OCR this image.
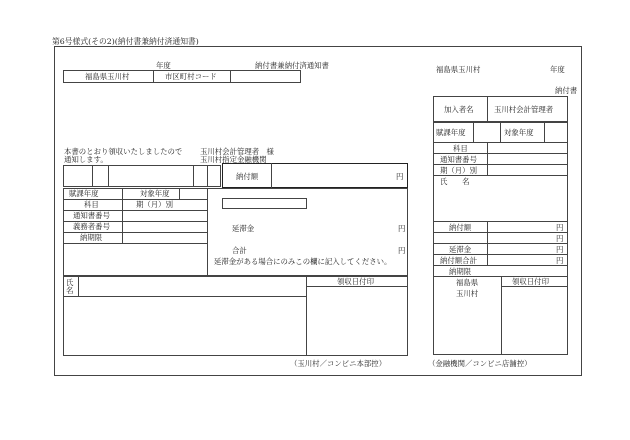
第6号様式(その2)(納付書兼納付済通知書)
年度	納付書兼納付済通知書
福島県玉川村	市区町村コード
本書のとおり領収いたしましたので
通知します。
玉川村会計管理者　様
玉川村指定金融機関
納付額	円
賦課年度	対象年度
科目	期（月）別
通知書番号
義務者番号
納期限
延滞金	円
合計	円
延滞金がある場合にのみこの欄に記入してください。
氏
名
領収日付印
（玉川村／コンビニ本部控）
福島県玉川村	年度
納付書
加入者名	玉川村会計管理者
賦課年度	対象年度
科目
通知書番号
期（月）別
氏　　名
納付額	円
円
延滞金	円
納付額合計	円
納期限
福島県
玉川村
領収日付印
（金融機関／コンビニ店舗控）
